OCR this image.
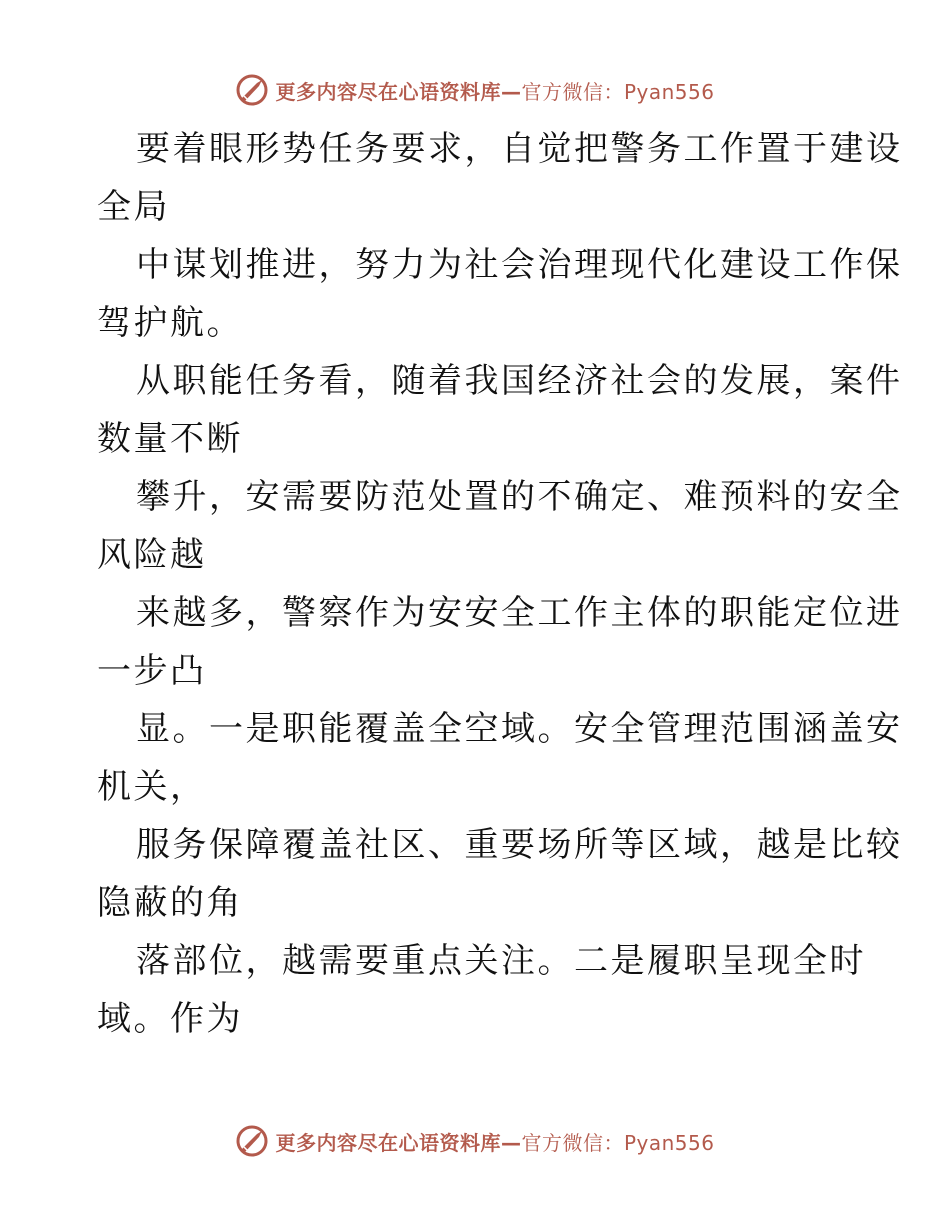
更多内容尽在心语资料库—官方微信：Pyan556
要着眼形势任务要求，自觉把警务工作置于建设
全局
中谋划推进，努力为社会治理现代化建设工作保
驾护航。
从职能任务看，随着我国经济社会的发展，案件
数量不断
攀升，安需要防范处置的不确定、难预料的安全
风险越
来越多，警察作为安安全工作主体的职能定位进
一步凸
显。一是职能覆盖全空域。安全管理范围涵盖安
机关，
服务保障覆盖社区、重要场所等区域，越是比较
隐蔽的角
落部位，越需要重点关注。二是履职呈现全时
域。作为
更多内容尽在心语资料库—官方微信：Pyan556
